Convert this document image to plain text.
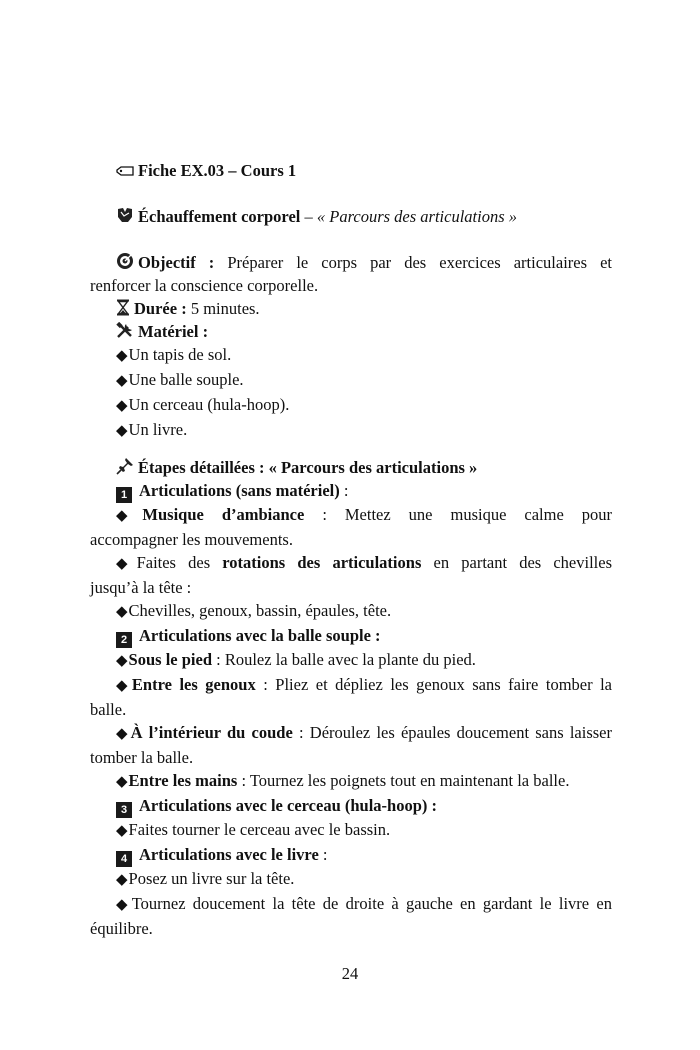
Fiche EX.03 – Cours 1
Échauffement corporel – « Parcours des articulations »
Objectif : Préparer le corps par des exercices articulaires et
renforcer la conscience corporelle.
Durée : 5 minutes.
Matériel :
◆Un tapis de sol.
◆Une balle souple.
◆Un cerceau (hula-hoop).
◆Un livre.
Étapes détaillées : « Parcours des articulations »
1 Articulations (sans matériel) :
◆Musique d’ambiance : Mettez une musique calme pour
accompagner les mouvements.
◆Faites des rotations des articulations en partant des chevilles
jusqu’à la tête :
◆Chevilles, genoux, bassin, épaules, tête.
2 Articulations avec la balle souple :
◆Sous le pied : Roulez la balle avec la plante du pied.
◆Entre les genoux : Pliez et dépliez les genoux sans faire tomber la
balle.
◆À l’intérieur du coude : Déroulez les épaules doucement sans laisser
tomber la balle.
◆Entre les mains : Tournez les poignets tout en maintenant la balle.
3 Articulations avec le cerceau (hula-hoop) :
◆Faites tourner le cerceau avec le bassin.
4 Articulations avec le livre :
◆Posez un livre sur la tête.
◆Tournez doucement la tête de droite à gauche en gardant le livre en
équilibre.
24
